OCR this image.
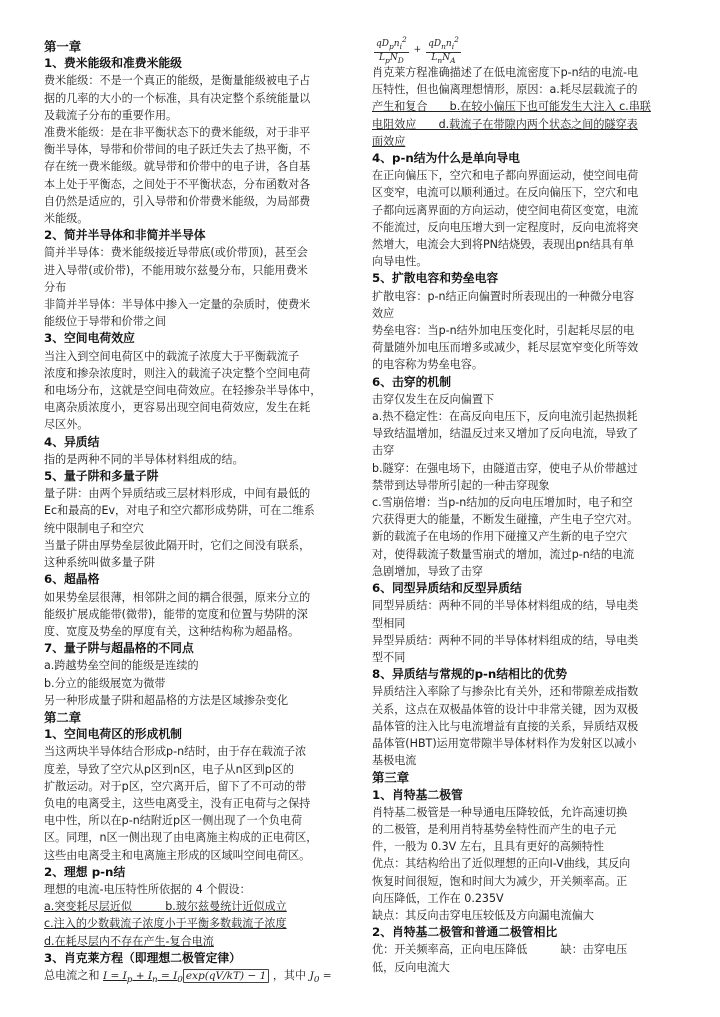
第一章
1、费米能级和准费米能级
费米能级：不是一个真正的能级，是衡量能级被电子占
据的几率的大小的一个标准，具有决定整个系统能量以
及载流子分布的重要作用。
准费米能级：是在非平衡状态下的费米能级，对于非平
衡半导体，导带和价带间的电子跃迁失去了热平衡，不
存在统一费米能级。就导带和价带中的电子讲，各自基
本上处于平衡态，之间处于不平衡状态，分布函数对各
自仍然是适应的，引入导带和价带费米能级，为局部费
米能级。
2、简并半导体和非简并半导体
简并半导体：费米能级接近导带底(或价带顶)，甚至会
进入导带(或价带)，不能用玻尔兹曼分布，只能用费米
分布
非简并半导体：半导体中掺入一定量的杂质时，使费米
能级位于导带和价带之间
3、空间电荷效应
当注入到空间电荷区中的载流子浓度大于平衡载流子
浓度和掺杂浓度时，则注入的载流子决定整个空间电荷
和电场分布，这就是空间电荷效应。在轻掺杂半导体中，
电离杂质浓度小，更容易出现空间电荷效应，发生在耗
尽区外。
4、异质结
指的是两种不同的半导体材料组成的结。
5、量子阱和多量子阱
量子阱：由两个异质结或三层材料形成，中间有最低的
Ec和最高的Ev，对电子和空穴都形成势阱，可在二维系
统中限制电子和空穴
当量子阱由厚势垒层彼此隔开时，它们之间没有联系，
这种系统叫做多量子阱
6、超晶格
如果势垒层很薄，相邻阱之间的耦合很强，原来分立的
能级扩展成能带(微带)，能带的宽度和位置与势阱的深
度、宽度及势垒的厚度有关，这种结构称为超晶格。
7、量子阱与超晶格的不同点
a.跨越势垒空间的能级是连续的
b.分立的能级展宽为微带
另一种形成量子阱和超晶格的方法是区域掺杂变化
第二章
1、空间电荷区的形成机制
当这两块半导体结合形成p-n结时，由于存在载流子浓
度差，导致了空穴从p区到n区，电子从n区到p区的
扩散运动。对于p区，空穴离开后，留下了不可动的带
负电的电离受主，这些电离受主，没有正电荷与之保持
电中性，所以在p-n结附近p区一侧出现了一个负电荷
区。同理，n区一侧出现了由电离施主构成的正电荷区，
这些由电离受主和电离施主形成的区域叫空间电荷区。
2、理想 p-n结
理想的电流-电压特性所依据的 4 个假设：
a.突变耗尽层近似　　　b.玻尔兹曼统计近似成立
c.注入的少数载流子浓度小于平衡多数载流子浓度
d.在耗尽层内不存在产生-复合电流
3、肖克莱方程（即理想二极管定律）
总电流之和 $I = I_p + I_n = I_0$ exp(qV/kT) − 1 ，其中 $J_0$ =
$\frac{qD_pn_i^2}{L_pN_D} + \frac{qD_nn_i^2}{L_nN_A}$
肖克莱方程准确描述了在低电流密度下p-n结的电流-电
压特性，但也偏离理想情形，原因：a.耗尽层载流子的
产生和复合　　b.在较小偏压下也可能发生大注入 c.串联
电阻效应　　d.载流子在带隙内两个状态之间的隧穿表
面效应
4、p-n结为什么是单向导电
在正向偏压下，空穴和电子都向界面运动，使空间电荷
区变窄，电流可以顺利通过。在反向偏压下，空穴和电
子都向远离界面的方向运动，使空间电荷区变宽，电流
不能流过，反向电压增大到一定程度时，反向电流将突
然增大，电流会大到将PN结烧毁，表现出pn结具有单
向导电性。
5、扩散电容和势垒电容
扩散电容：p-n结正向偏置时所表现出的一种微分电容
效应
势垒电容：当p-n结外加电压变化时，引起耗尽层的电
荷量随外加电压而增多或减少，耗尽层宽窄变化所等效
的电容称为势垒电容。
6、击穿的机制
击穿仅发生在反向偏置下
a.热不稳定性：在高反向电压下，反向电流引起热损耗
导致结温增加，结温反过来又增加了反向电流，导致了
击穿
b.隧穿：在强电场下，由隧道击穿，使电子从价带越过
禁带到达导带所引起的一种击穿现象
c.雪崩倍增：当p-n结加的反向电压增加时，电子和空
穴获得更大的能量，不断发生碰撞，产生电子空穴对。
新的载流子在电场的作用下碰撞又产生新的电子空穴
对，使得载流子数量雪崩式的增加，流过p-n结的电流
急剧增加，导致了击穿
6、同型异质结和反型异质结
同型异质结：两种不同的半导体材料组成的结，导电类
型相同
异型异质结：两种不同的半导体材料组成的结，导电类
型不同
8、异质结与常规的p-n结相比的优势
异质结注入率除了与掺杂比有关外，还和带隙差成指数
关系，这点在双极晶体管的设计中非常关键，因为双极
晶体管的注入比与电流增益有直接的关系，异质结双极
晶体管(HBT)运用宽带隙半导体材料作为发射区以减小
基极电流
第三章
1、肖特基二极管
肖特基二极管是一种导通电压降较低，允许高速切换
的二极管，是利用肖特基势垒特性而产生的电子元
件，一般为 0.3V 左右，且具有更好的高频特性
优点：其结构给出了近似理想的正向I-V曲线，其反向
恢复时间很短，饱和时间大为减少，开关频率高。正
向压降低，工作在 0.235V
缺点：其反向击穿电压较低及方向漏电流偏大
2、肖特基二极管和普通二极管相比
优：开关频率高，正向电压降低　　　缺：击穿电压
低，反向电流大
